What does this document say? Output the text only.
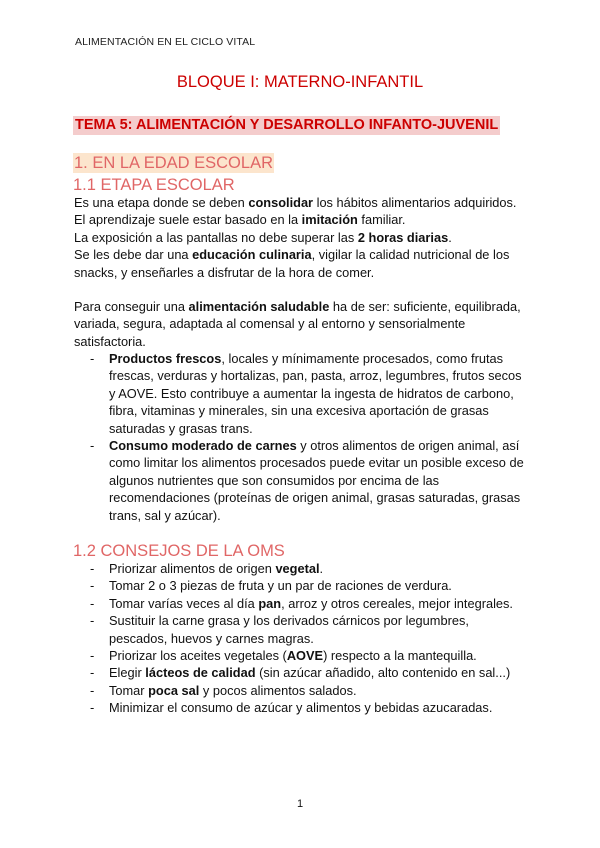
ALIMENTACIÓN EN EL CICLO VITAL
BLOQUE I: MATERNO-INFANTIL
TEMA 5: ALIMENTACIÓN Y DESARROLLO INFANTO-JUVENIL
1. EN LA EDAD ESCOLAR
1.1 ETAPA ESCOLAR
Es una etapa donde se deben consolidar los hábitos alimentarios adquiridos.
El aprendizaje suele estar basado en la imitación familiar.
La exposición a las pantallas no debe superar las 2 horas diarias.
Se les debe dar una educación culinaria, vigilar la calidad nutricional de los snacks, y enseñarles a disfrutar de la hora de comer.
Para conseguir una alimentación saludable ha de ser: suficiente, equilibrada, variada, segura, adaptada al comensal y al entorno y sensorialmente satisfactoria.
- Productos frescos, locales y mínimamente procesados, como frutas frescas, verduras y hortalizas, pan, pasta, arroz, legumbres, frutos secos y AOVE. Esto contribuye a aumentar la ingesta de hidratos de carbono, fibra, vitaminas y minerales, sin una excesiva aportación de grasas saturadas y grasas trans.
- Consumo moderado de carnes y otros alimentos de origen animal, así como limitar los alimentos procesados puede evitar un posible exceso de algunos nutrientes que son consumidos por encima de las recomendaciones (proteínas de origen animal, grasas saturadas, grasas trans, sal y azúcar).
1.2 CONSEJOS DE LA OMS
- Priorizar alimentos de origen vegetal.
- Tomar 2 o 3 piezas de fruta y un par de raciones de verdura.
- Tomar varías veces al día pan, arroz y otros cereales, mejor integrales.
- Sustituir la carne grasa y los derivados cárnicos por legumbres, pescados, huevos y carnes magras.
- Priorizar los aceites vegetales (AOVE) respecto a la mantequilla.
- Elegir lácteos de calidad (sin azúcar añadido, alto contenido en sal...)
- Tomar poca sal y pocos alimentos salados.
- Minimizar el consumo de azúcar y alimentos y bebidas azucaradas.
1
